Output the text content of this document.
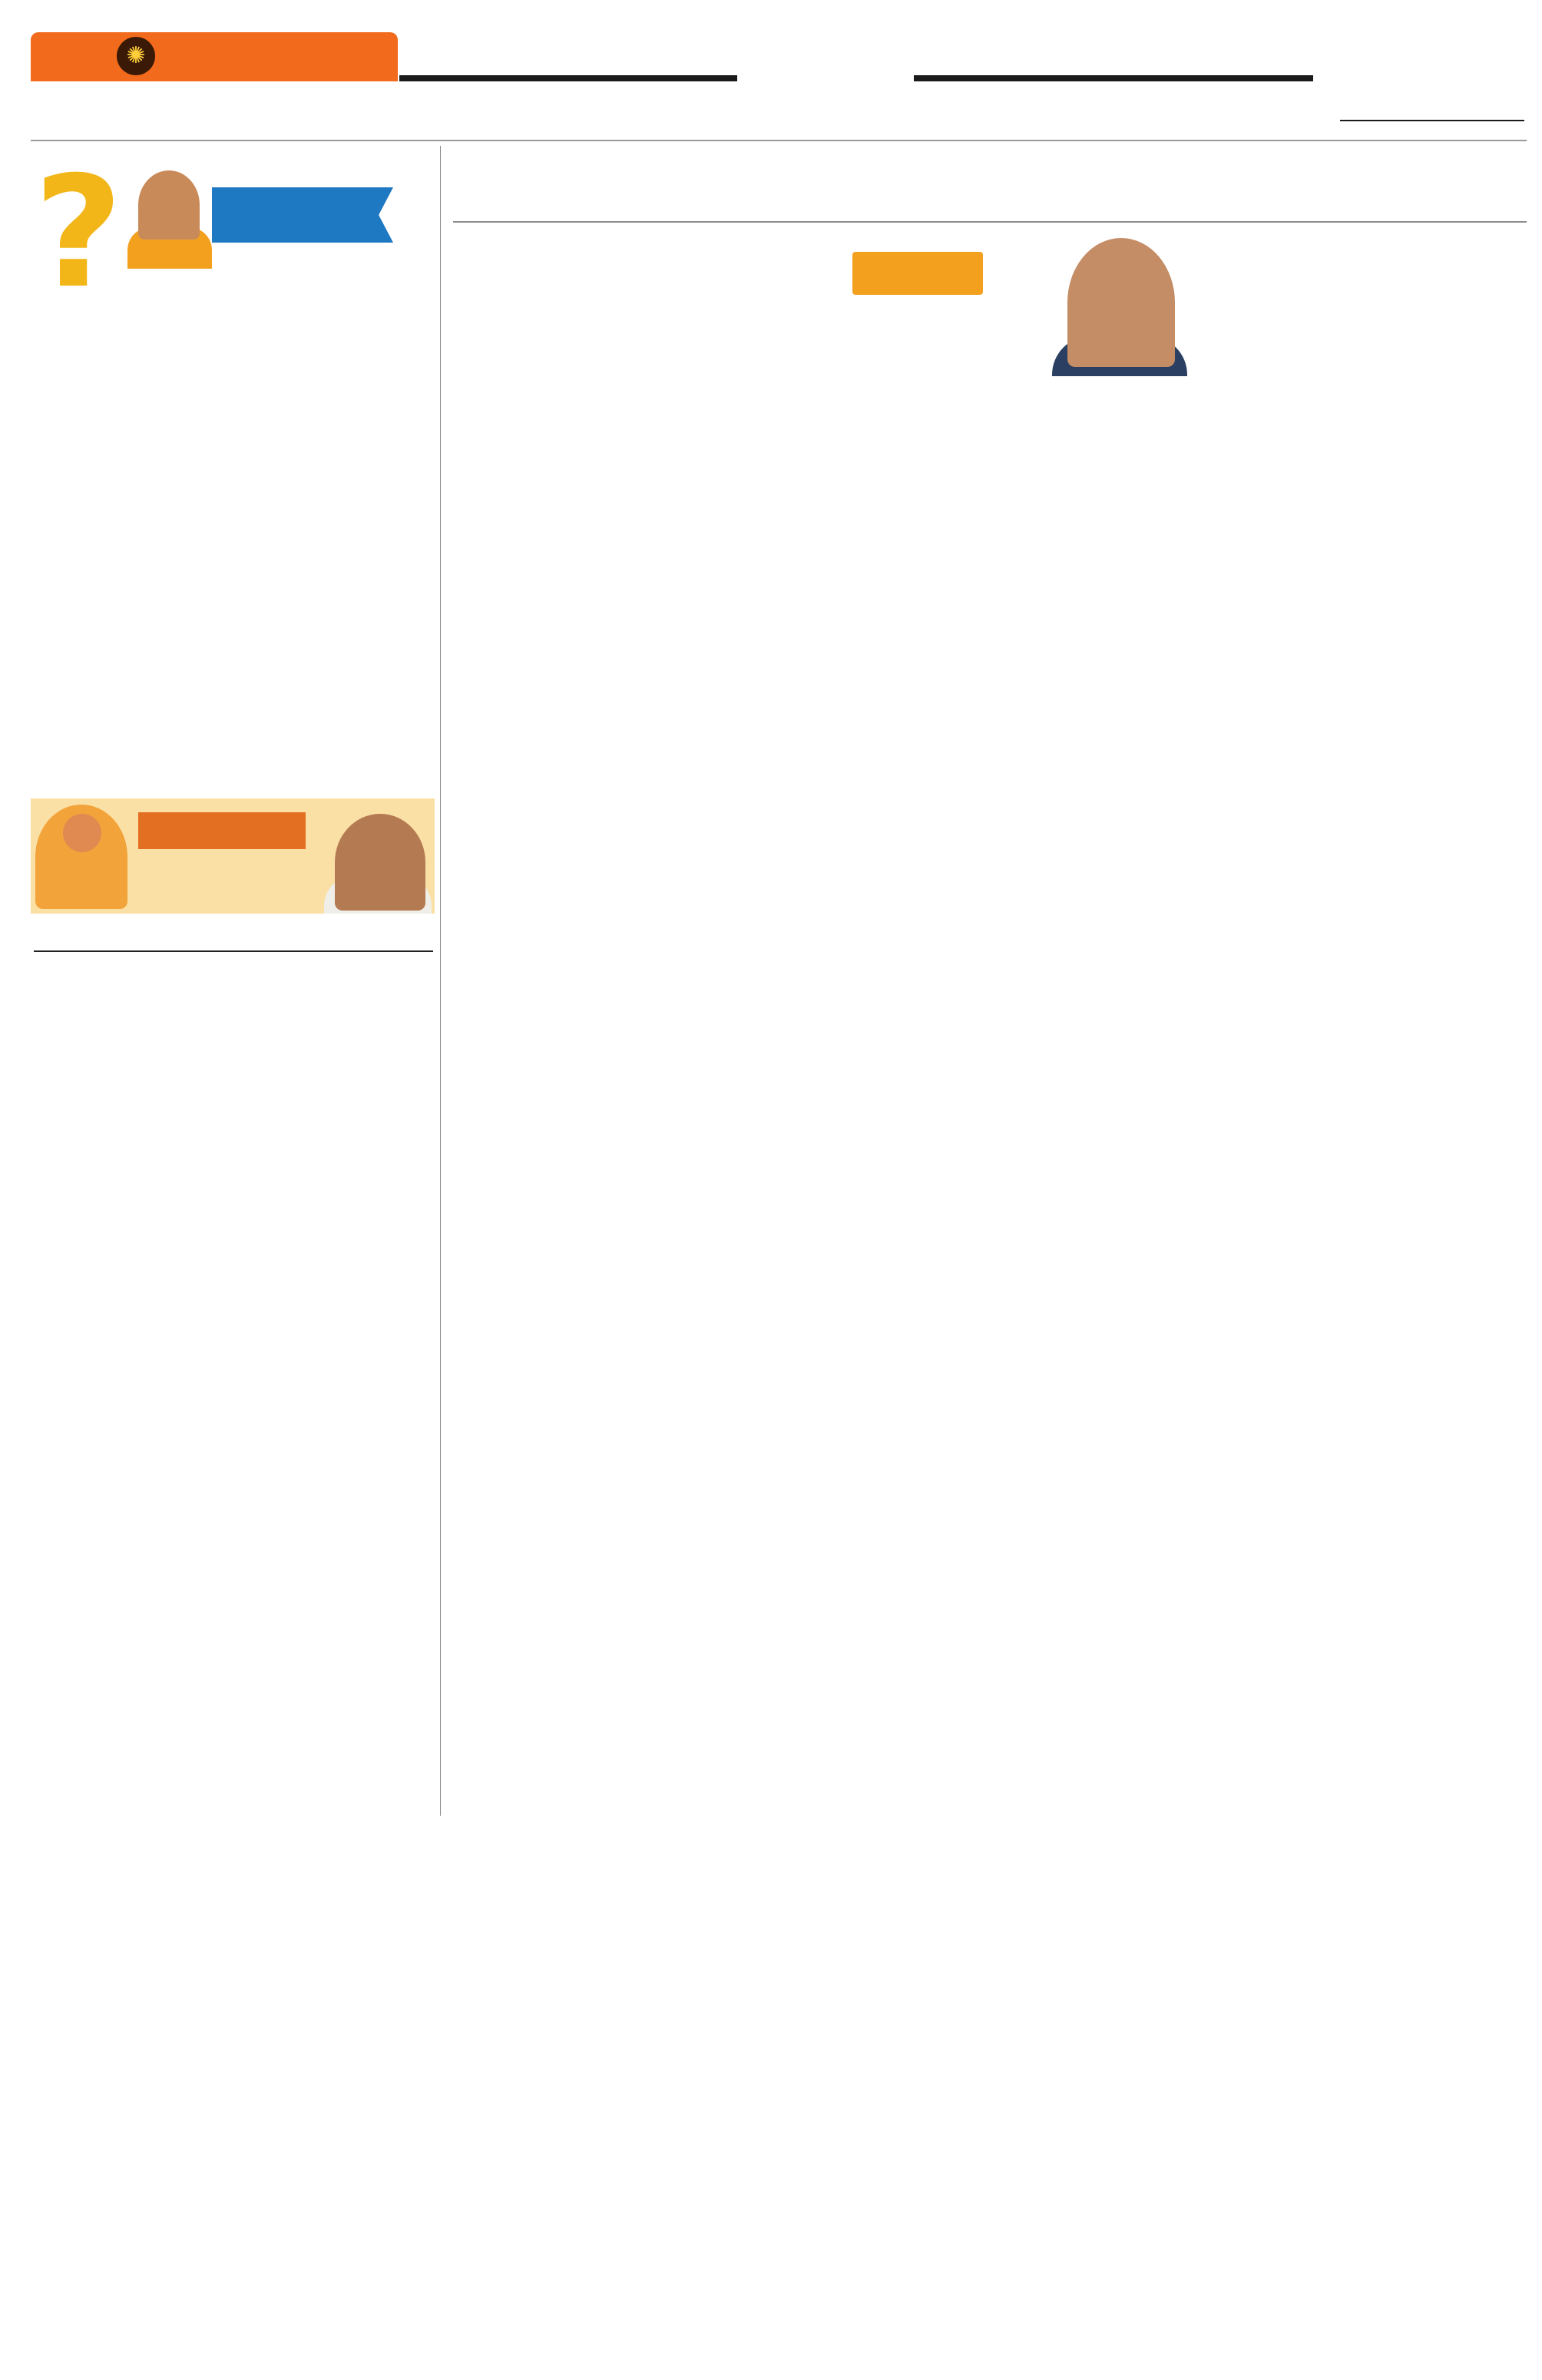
✺
?
